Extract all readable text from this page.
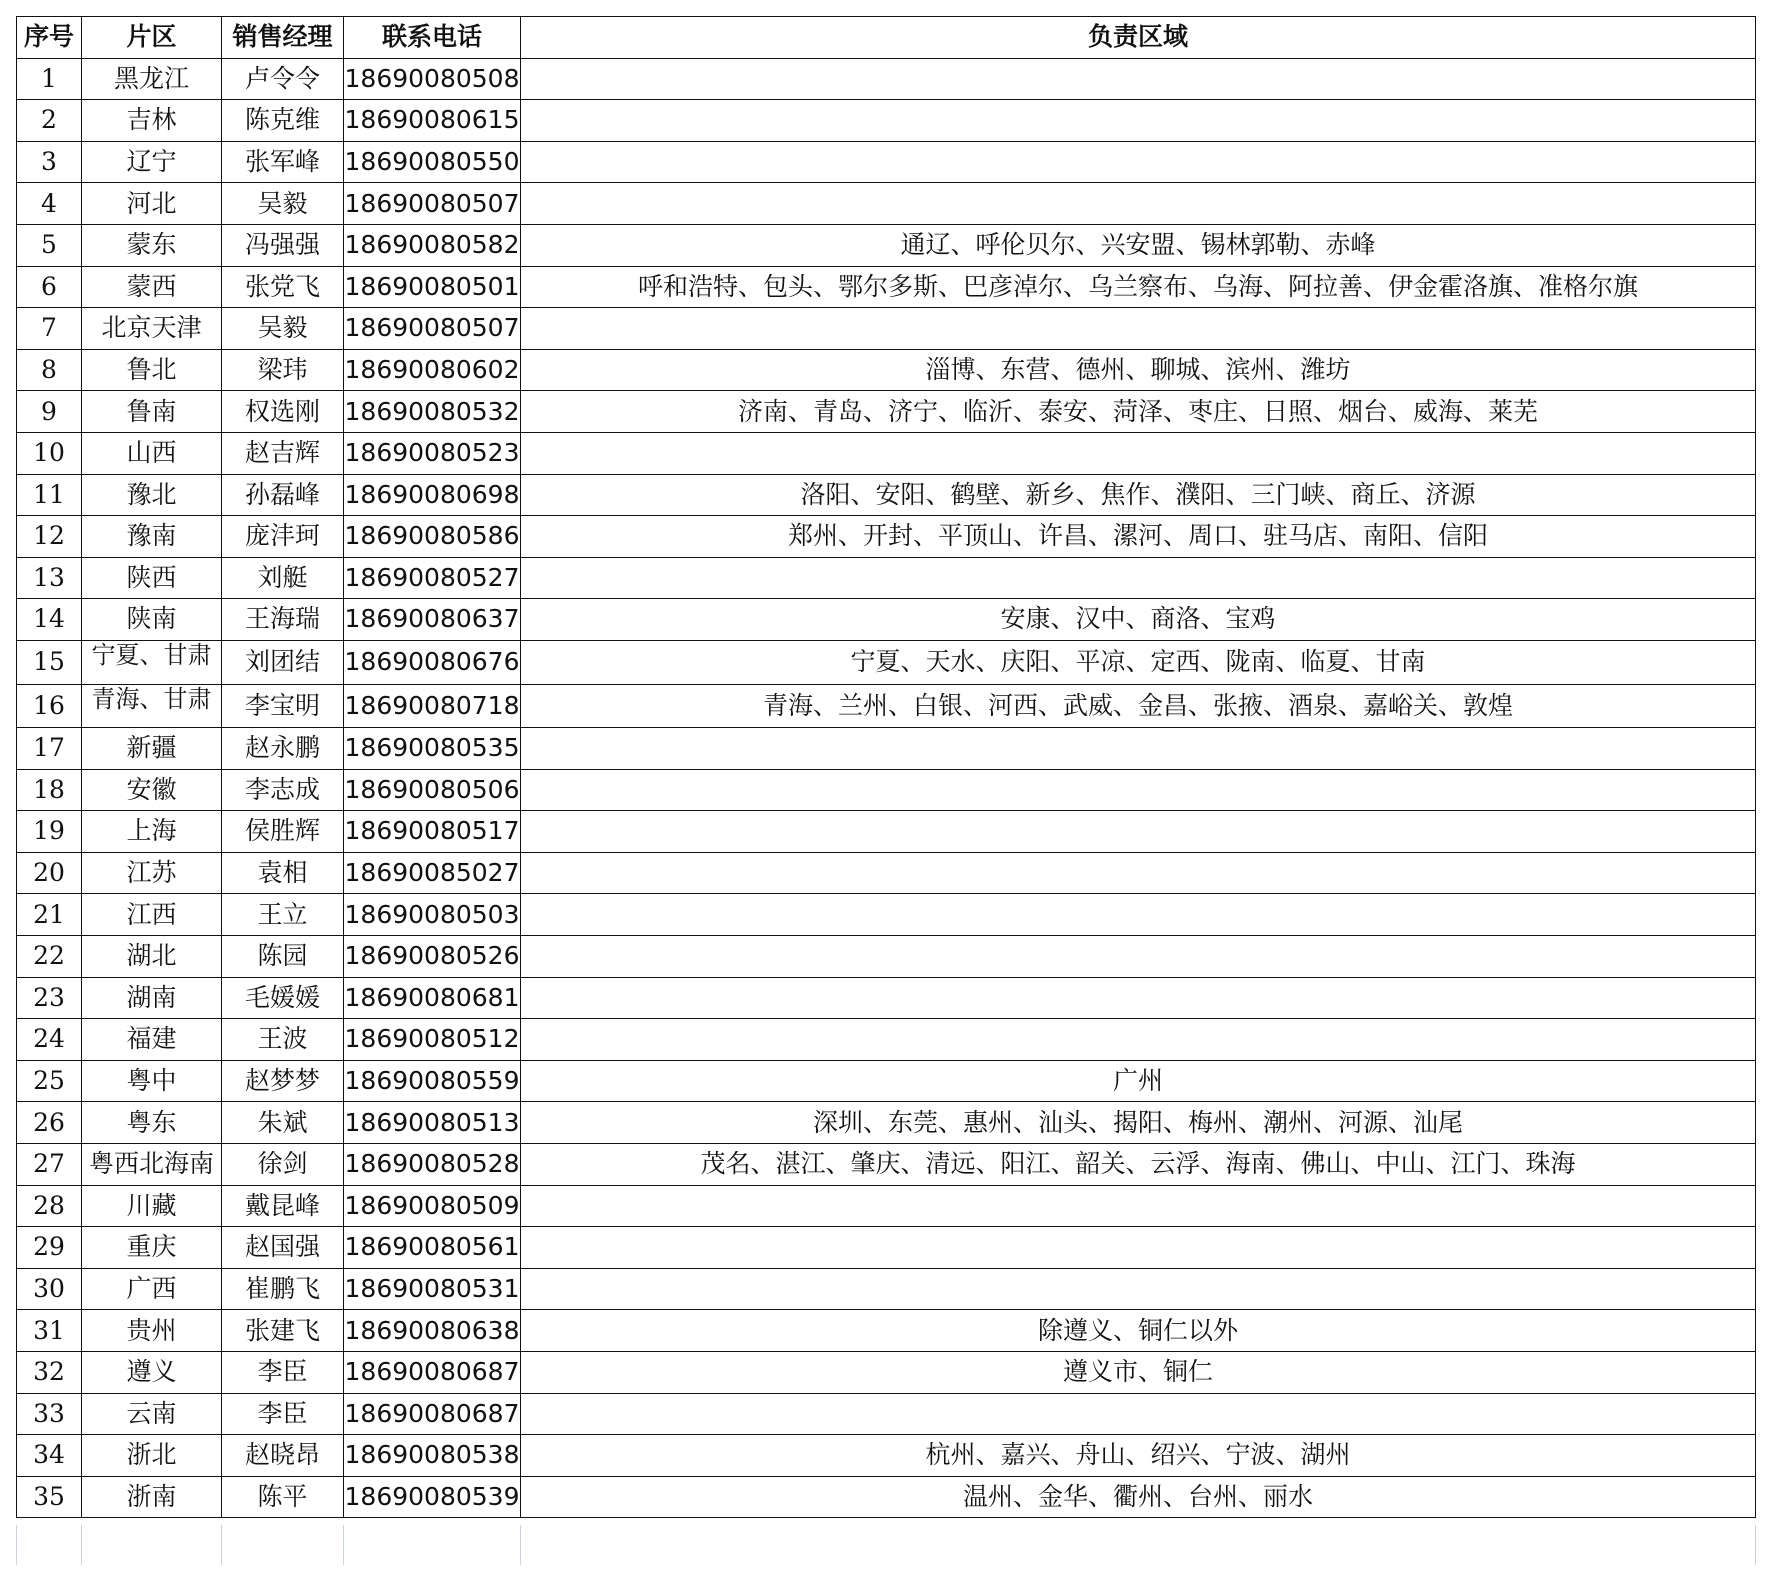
序号	片区	销售经理	联系电话	负责区域
1	黑龙江	卢令令	18690080508	
2	吉林	陈克维	18690080615	
3	辽宁	张军峰	18690080550	
4	河北	吴毅	18690080507	
5	蒙东	冯强强	18690080582	通辽、呼伦贝尔、兴安盟、锡林郭勒、赤峰
6	蒙西	张党飞	18690080501	呼和浩特、包头、鄂尔多斯、巴彦淖尔、乌兰察布、乌海、阿拉善、伊金霍洛旗、准格尔旗
7	北京天津	吴毅	18690080507	
8	鲁北	梁玮	18690080602	淄博、东营、德州、聊城、滨州、潍坊
9	鲁南	权选刚	18690080532	济南、青岛、济宁、临沂、泰安、菏泽、枣庄、日照、烟台、威海、莱芜
10	山西	赵吉辉	18690080523	
11	豫北	孙磊峰	18690080698	洛阳、安阳、鹤壁、新乡、焦作、濮阳、三门峡、商丘、济源
12	豫南	庞沣珂	18690080586	郑州、开封、平顶山、许昌、漯河、周口、驻马店、南阳、信阳
13	陕西	刘艇	18690080527	
14	陕南	王海瑞	18690080637	安康、汉中、商洛、宝鸡
15	宁夏、甘肃	刘团结	18690080676	宁夏、天水、庆阳、平凉、定西、陇南、临夏、甘南
16	青海、甘肃	李宝明	18690080718	青海、兰州、白银、河西、武威、金昌、张掖、酒泉、嘉峪关、敦煌
17	新疆	赵永鹏	18690080535	
18	安徽	李志成	18690080506	
19	上海	侯胜辉	18690080517	
20	江苏	袁相	18690085027	
21	江西	王立	18690080503	
22	湖北	陈园	18690080526	
23	湖南	毛媛媛	18690080681	
24	福建	王波	18690080512	
25	粤中	赵梦梦	18690080559	广州
26	粤东	朱斌	18690080513	深圳、东莞、惠州、汕头、揭阳、梅州、潮州、河源、汕尾
27	粤西北海南	徐剑	18690080528	茂名、湛江、肇庆、清远、阳江、韶关、云浮、海南、佛山、中山、江门、珠海
28	川藏	戴昆峰	18690080509	
29	重庆	赵国强	18690080561	
30	广西	崔鹏飞	18690080531	
31	贵州	张建飞	18690080638	除遵义、铜仁以外
32	遵义	李臣	18690080687	遵义市、铜仁
33	云南	李臣	18690080687	
34	浙北	赵晓昂	18690080538	杭州、嘉兴、舟山、绍兴、宁波、湖州
35	浙南	陈平	18690080539	温州、金华、衢州、台州、丽水
